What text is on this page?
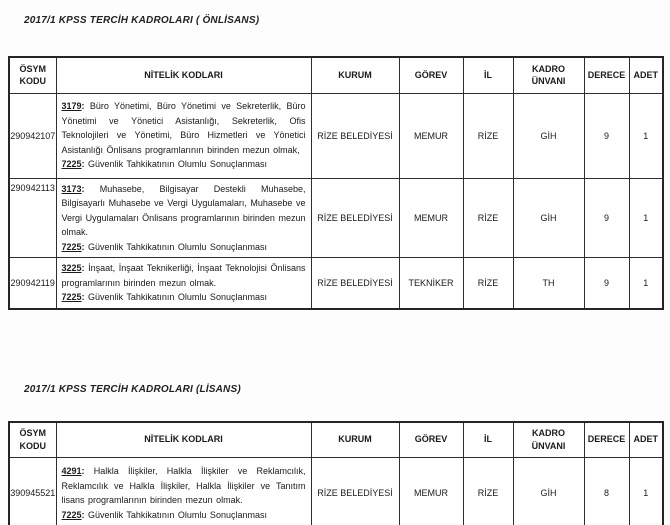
2017/1 KPSS TERCİH KADROLARI ( ÖNLİSANS)
ÖSYM KODU	NİTELİK KODLARI	KURUM	GÖREV	İL	KADRO ÜNVANI	DERECE	ADET
290942107	3179: Büro Yönetimi, Büro Yönetimi ve Sekreterlik, Büro Yönetimi ve Yönetici Asistanlığı, Sekreterlik, Ofis Teknolojileri ve Yönetimi, Büro Hizmetleri ve Yönetici Asistanlığı Önlisans programlarının birinden mezun olmak,

7225: Güvenlik Tahkikatının Olumlu Sonuçlanması	RİZE BELEDİYESİ	MEMUR	RİZE	GİH	9	1
290942113	3173: Muhasebe, Bilgisayar Destekli Muhasebe, Bilgisayarlı Muhasebe ve Vergi Uygulamaları, Muhasebe ve Vergi Uygulamaları Önlisans programlarının birinden mezun olmak.

7225: Güvenlik Tahkikatının Olumlu Sonuçlanması	RİZE BELEDİYESİ	MEMUR	RİZE	GİH	9	1
290942119	3225: İnşaat, İnşaat Teknikerliği, İnşaat Teknolojisi Önlisans programlarının birinden mezun olmak.

7225: Güvenlik Tahkikatının Olumlu Sonuçlanması	RİZE BELEDİYESİ	TEKNİKER	RİZE	TH	9	1
2017/1 KPSS TERCİH KADROLARI (LİSANS)
ÖSYM KODU	NİTELİK KODLARI	KURUM	GÖREV	İL	KADRO ÜNVANI	DERECE	ADET
390945521	4291: Halkla İlişkiler, Halkla İlişkiler ve Reklamcılık, Reklamcılık ve Halkla İlişkiler, Halkla İlişkiler ve Tanıtım lisans programlarının birinden mezun olmak.

7225: Güvenlik Tahkikatının Olumlu Sonuçlanması	RİZE BELEDİYESİ	MEMUR	RİZE	GİH	8	1
